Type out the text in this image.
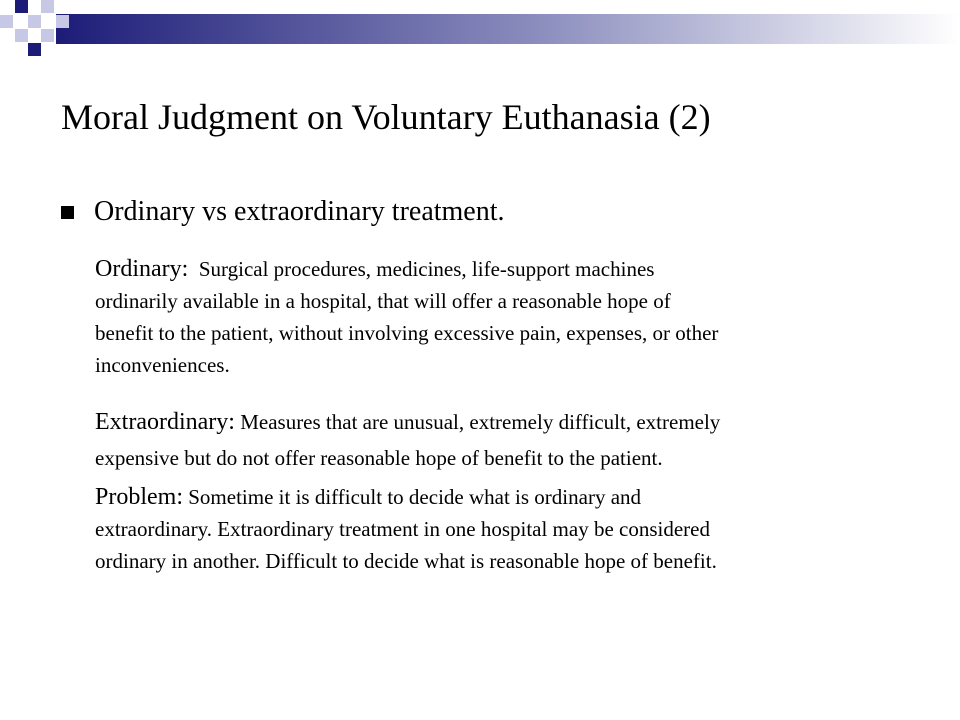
Moral Judgment on Voluntary Euthanasia (2)
Ordinary vs extraordinary treatment.

Ordinary: Surgical procedures, medicines, life-support machines
ordinarily available in a hospital, that will offer a reasonable hope of
benefit to the patient, without involving excessive pain, expenses, or other
inconveniences.

Extraordinary: Measures that are unusual, extremely difficult, extremely
expensive but do not offer reasonable hope of benefit to the patient.

Problem: Sometime it is difficult to decide what is ordinary and
extraordinary. Extraordinary treatment in one hospital may be considered
ordinary in another. Difficult to decide what is reasonable hope of benefit.
